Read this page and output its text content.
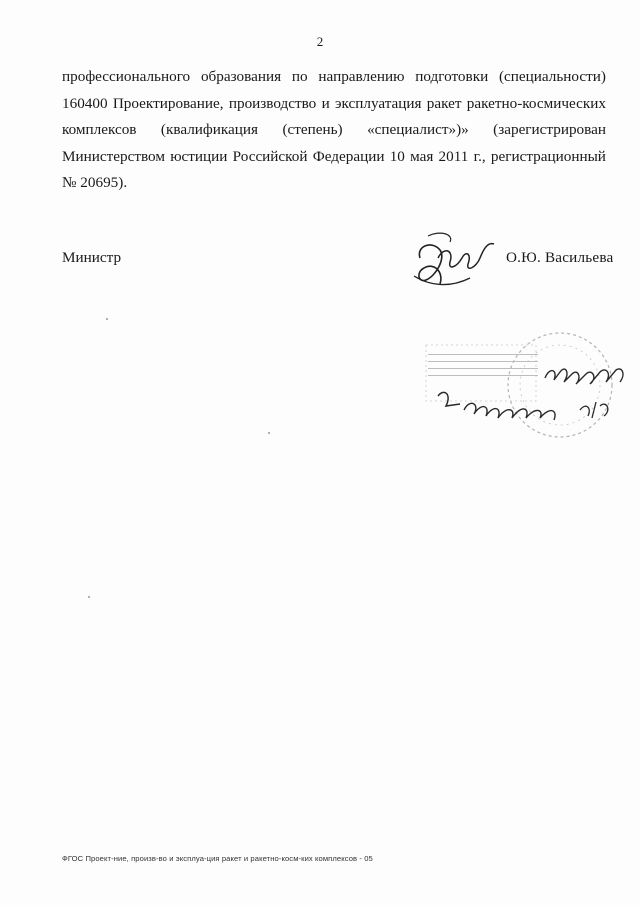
2
профессионального образования по направлению подготовки (специальности)
160400 Проектирование, производство и эксплуатация ракет ракетно-космических
комплексов (квалификация (степень) «специалист»)» (зарегистрирован
Министерством юстиции Российской Федерации 10 мая 2011 г., регистрационный
№ 20695).
Министр	О.Ю. Васильева
ФГОС Проект-ние, произв-во и эксплуа-ция ракет и ракетно-косм-ких комплексов - 05
